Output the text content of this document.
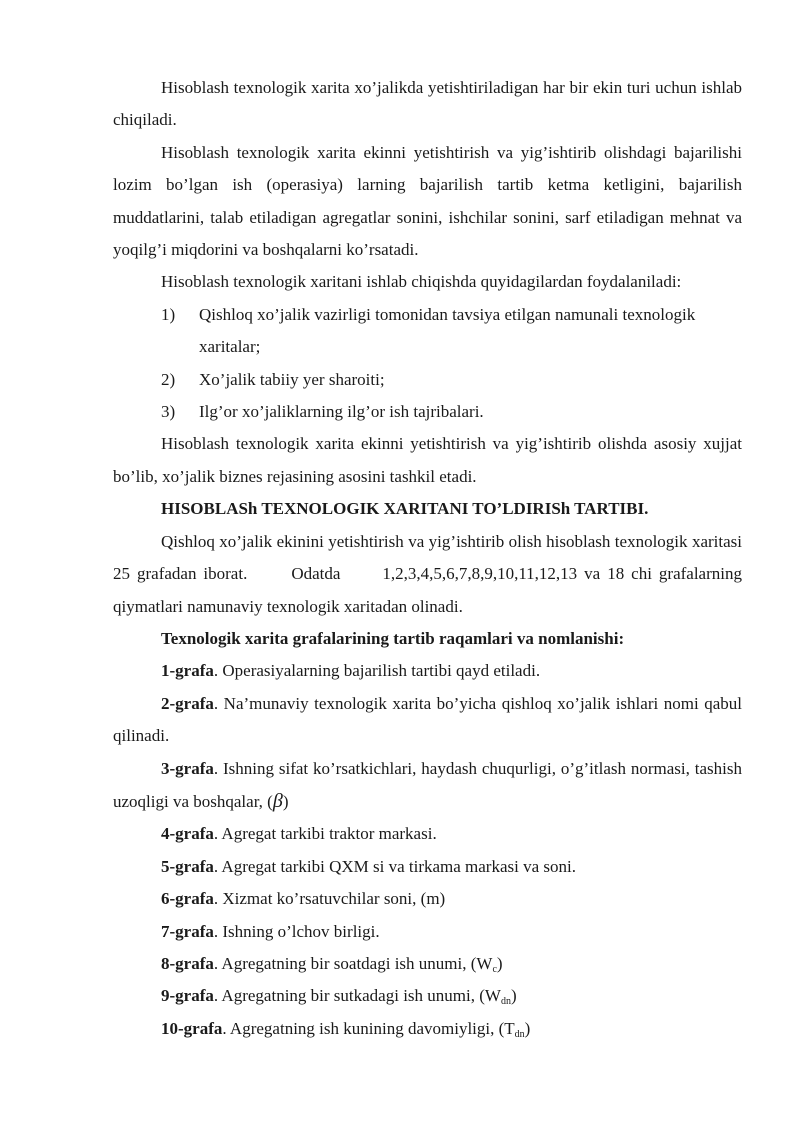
Hisoblash texnologik xarita xo’jalikda yetishtiriladigan har bir ekin turi uchun ishlab chiqiladi.

Hisoblash texnologik xarita ekinni yetishtirish va yig’ishtirib olishdagi bajarilishi lozim bo’lgan ish (operasiya) larning bajarilish tartib ketma ketligini, bajarilish muddatlarini, talab etiladigan agregatlar sonini, ishchilar sonini, sarf etiladigan mehnat va yoqilg’i miqdorini va boshqalarni ko’rsatadi.

Hisoblash texnologik xaritani ishlab chiqishda quyidagilardan foydalaniladi:

1)	Qishloq xo’jalik vazirligi tomonidan tavsiya etilgan namunali texnologik xaritalar;
2)	Xo’jalik tabiiy yer sharoiti;
3)	Ilg’or xo’jaliklarning ilg’or ish tajribalari.

Hisoblash texnologik xarita ekinni yetishtirish va yig’ishtirib olishda asosiy xujjat bo’lib, xo’jalik biznes rejasining asosini tashkil etadi.

HISOBLASh TEXNOLOGIK XARITANI TO’LDIRISh TARTIBI.

Qishloq xo’jalik ekinini yetishtirish va yig’ishtirib olish hisoblash texnologik xaritasi 25 grafadan iborat.	Odatda 1,2,3,4,5,6,7,8,9,10,11,12,13 va 18 chi grafalarning qiymatlari namunaviy texnologik xaritadan olinadi.

Texnologik xarita grafalarining tartib raqamlari va nomlanishi:

1-grafa. Operasiyalarning bajarilish tartibi qayd etiladi.

2-grafa. Na’munaviy texnologik xarita bo’yicha qishloq xo’jalik ishlari nomi qabul qilinadi.

3-grafa. Ishning sifat ko’rsatkichlari, haydash chuqurligi, o’g’itlash normasi, tashish uzoqligi va boshqalar, (β)

4-grafa. Agregat tarkibi traktor markasi.

5-grafa. Agregat tarkibi QXM si va tirkama markasi va soni.

6-grafa. Xizmat ko’rsatuvchilar soni, (m)

7-grafa. Ishning o’lchov birligi.

8-grafa. Agregatning bir soatdagi ish unumi, $(W_c)$

9-grafa. Agregatning bir sutkadagi ish unumi, $(W_{dn})$

10-grafa. Agregatning ish kunining davomiyligi, $(T_{dn})$
